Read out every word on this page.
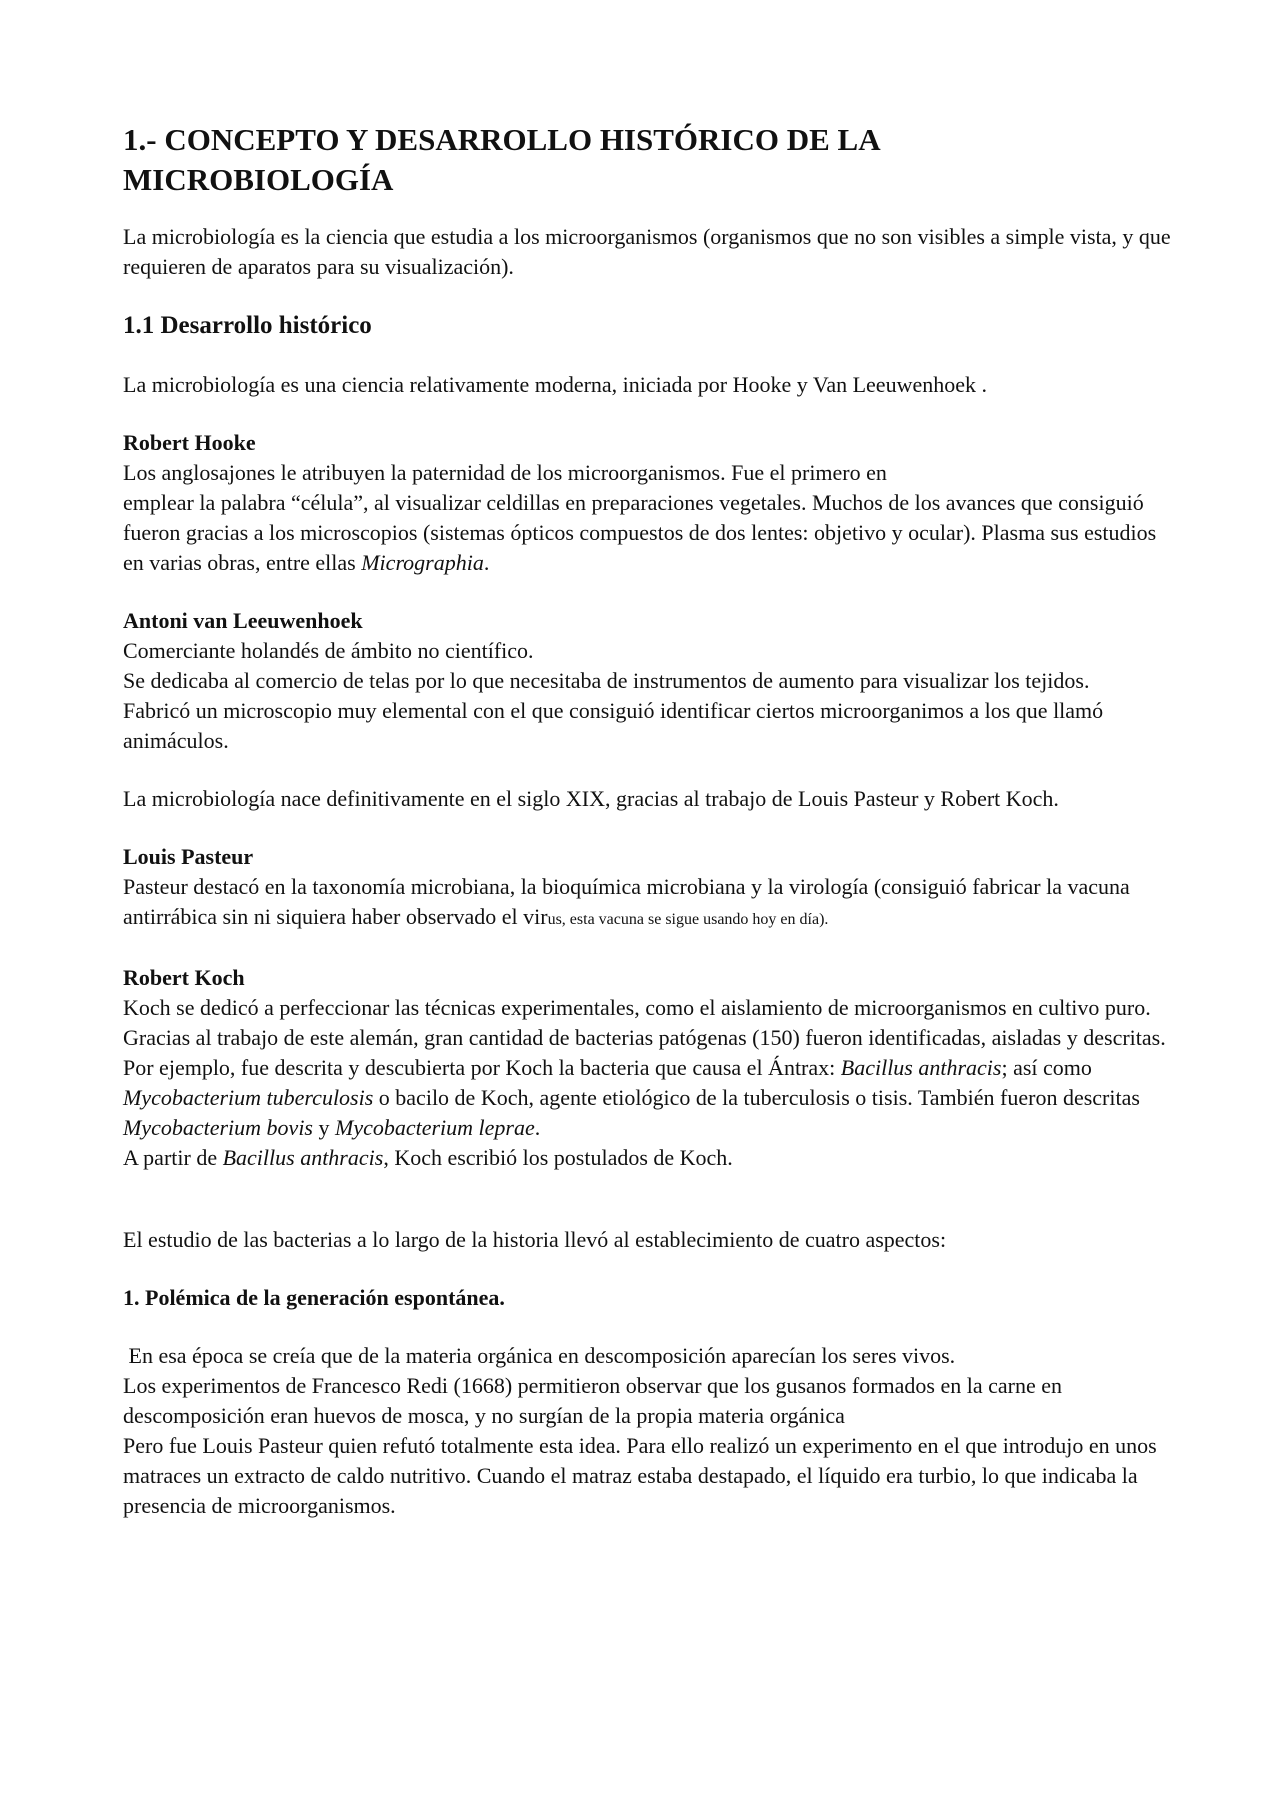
1.- CONCEPTO Y DESARROLLO HISTÓRICO DE LA MICROBIOLOGÍA

La microbiología es la ciencia que estudia a los microorganismos (organismos que no son visibles a simple vista, y que requieren de aparatos para su visualización).

1.1 Desarrollo histórico

La microbiología es una ciencia relativamente moderna, iniciada por Hooke y Van Leeuwenhoek .

Robert Hooke

Los anglosajones le atribuyen la paternidad de los microorganismos. Fue el primero en
emplear la palabra “célula”, al visualizar celdillas en preparaciones vegetales. Muchos de los avances que consiguió fueron gracias a los microscopios (sistemas ópticos compuestos de dos lentes: objetivo y ocular). Plasma sus estudios en varias obras, entre ellas Micrographia.

Antoni van Leeuwenhoek

Comerciante holandés de ámbito no científico.

Se dedicaba al comercio de telas por lo que necesitaba de instrumentos de aumento para visualizar los tejidos.

Fabricó un microscopio muy elemental con el que consiguió identificar ciertos microorganimos a los que llamó animáculos.

La microbiología nace definitivamente en el siglo XIX, gracias al trabajo de Louis Pasteur y Robert Koch.

Louis Pasteur

Pasteur destacó en la taxonomía microbiana, la bioquímica microbiana y la virología (consiguió fabricar la vacuna antirrábica sin ni siquiera haber observado el virus, esta vacuna se sigue usando hoy en día).

Robert Koch

Koch se dedicó a perfeccionar las técnicas experimentales, como el aislamiento de microorganismos en cultivo puro.

Gracias al trabajo de este alemán, gran cantidad de bacterias patógenas (150) fueron identificadas, aisladas y descritas. Por ejemplo, fue descrita y descubierta por Koch la bacteria que causa el Ántrax: Bacillus anthracis; así como Mycobacterium tuberculosis o bacilo de Koch, agente etiológico de la tuberculosis o tisis. También fueron descritas Mycobacterium bovis y Mycobacterium leprae.

A partir de Bacillus anthracis, Koch escribió los postulados de Koch.

El estudio de las bacterias a lo largo de la historia llevó al establecimiento de cuatro aspectos:

1. Polémica de la generación espontánea.

En esa época se creía que de la materia orgánica en descomposición aparecían los seres vivos.

Los experimentos de Francesco Redi (1668) permitieron observar que los gusanos formados en la carne en descomposición eran huevos de mosca, y no surgían de la propia materia orgánica

Pero fue Louis Pasteur quien refutó totalmente esta idea. Para ello realizó un experimento en el que introdujo en unos matraces un extracto de caldo nutritivo. Cuando el matraz estaba destapado, el líquido era turbio, lo que indicaba la presencia de microorganismos.
